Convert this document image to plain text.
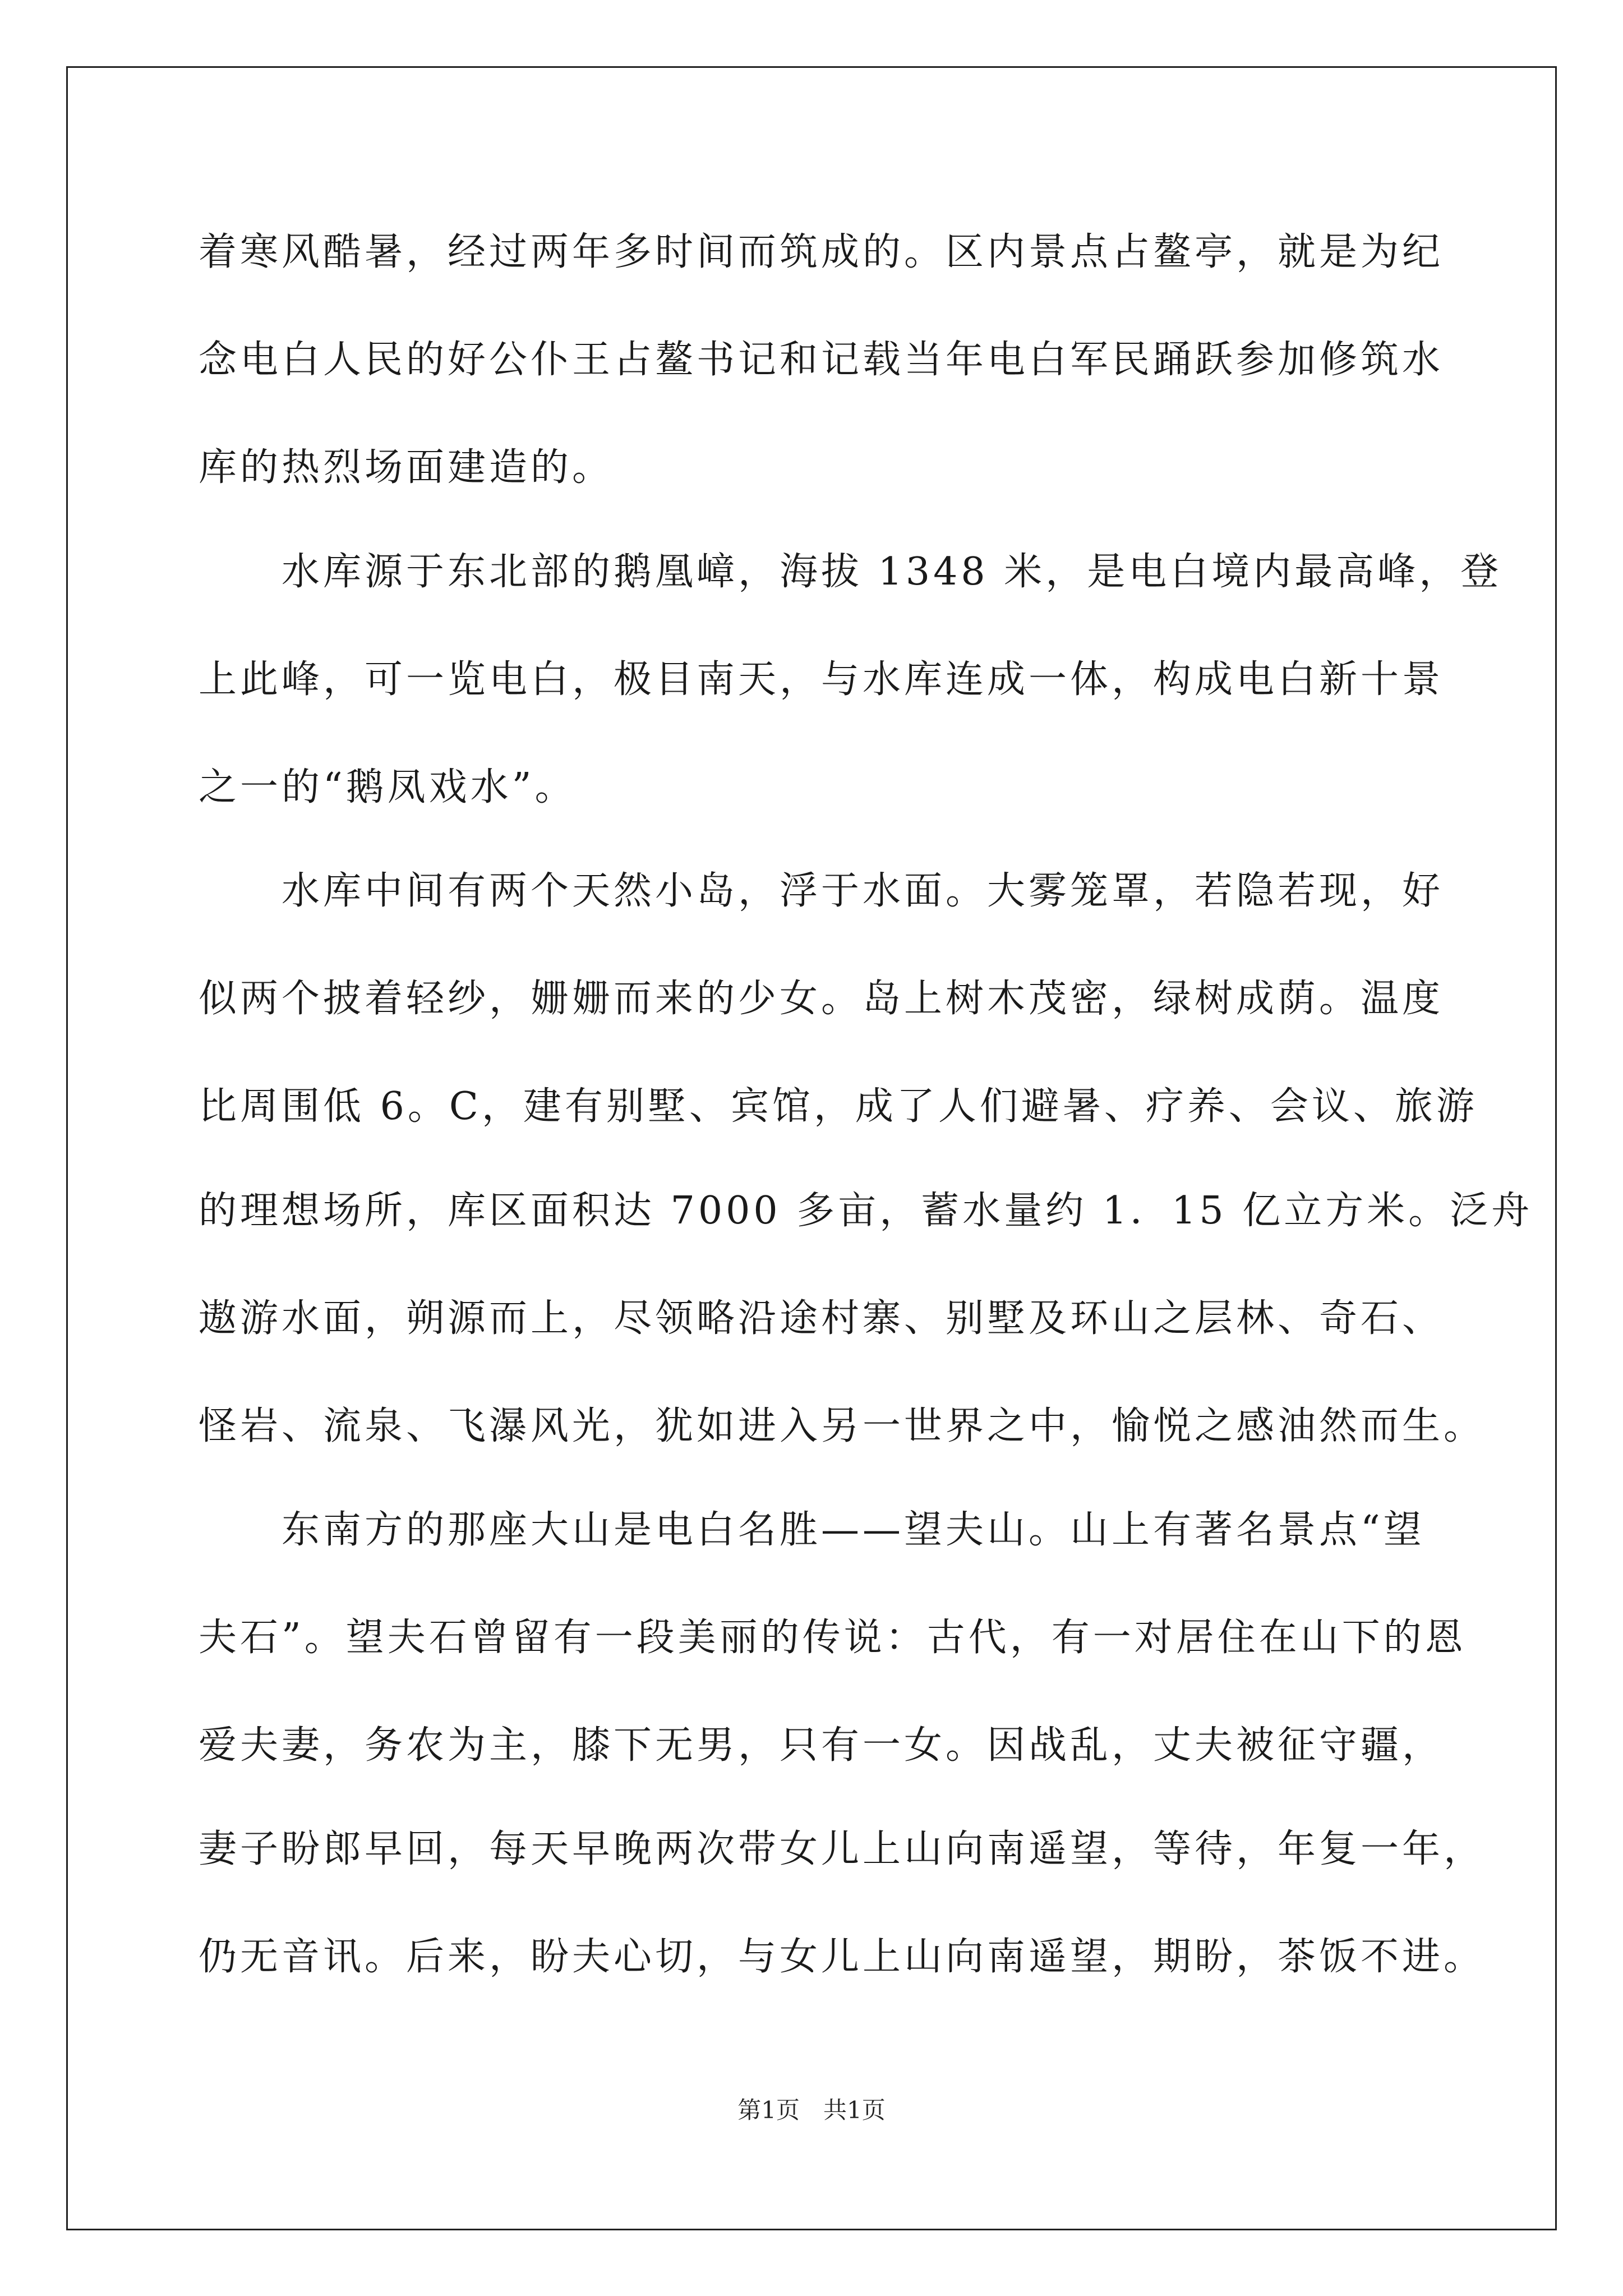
着寒风酷暑，经过两年多时间而筑成的。区内景点占鳌亭，就是为纪
念电白人民的好公仆王占鳌书记和记载当年电白军民踊跃参加修筑水
库的热烈场面建造的。
　　水库源于东北部的鹅凰嶂，海拔 1348 米，是电白境内最高峰，登
上此峰，可一览电白，极目南天，与水库连成一体，构成电白新十景
之一的“鹅凤戏水”。
　　水库中间有两个天然小岛，浮于水面。大雾笼罩，若隐若现，好
似两个披着轻纱，姗姗而来的少女。岛上树木茂密，绿树成荫。温度
比周围低 6。C，建有别墅、宾馆，成了人们避暑、疗养、会议、旅游
的理想场所，库区面积达 7000 多亩，蓄水量约 1．15 亿立方米。泛舟
遨游水面，朔源而上，尽领略沿途村寨、别墅及环山之层林、奇石、
怪岩、流泉、飞瀑风光，犹如进入另一世界之中，愉悦之感油然而生。
　　东南方的那座大山是电白名胜——望夫山。山上有著名景点“望
夫石”。望夫石曾留有一段美丽的传说：古代，有一对居住在山下的恩
爱夫妻，务农为主，膝下无男，只有一女。因战乱，丈夫被征守疆，
妻子盼郎早回，每天早晚两次带女儿上山向南遥望，等待，年复一年，
仍无音讯。后来，盼夫心切，与女儿上山向南遥望，期盼，茶饭不进。
第1页　共1页
